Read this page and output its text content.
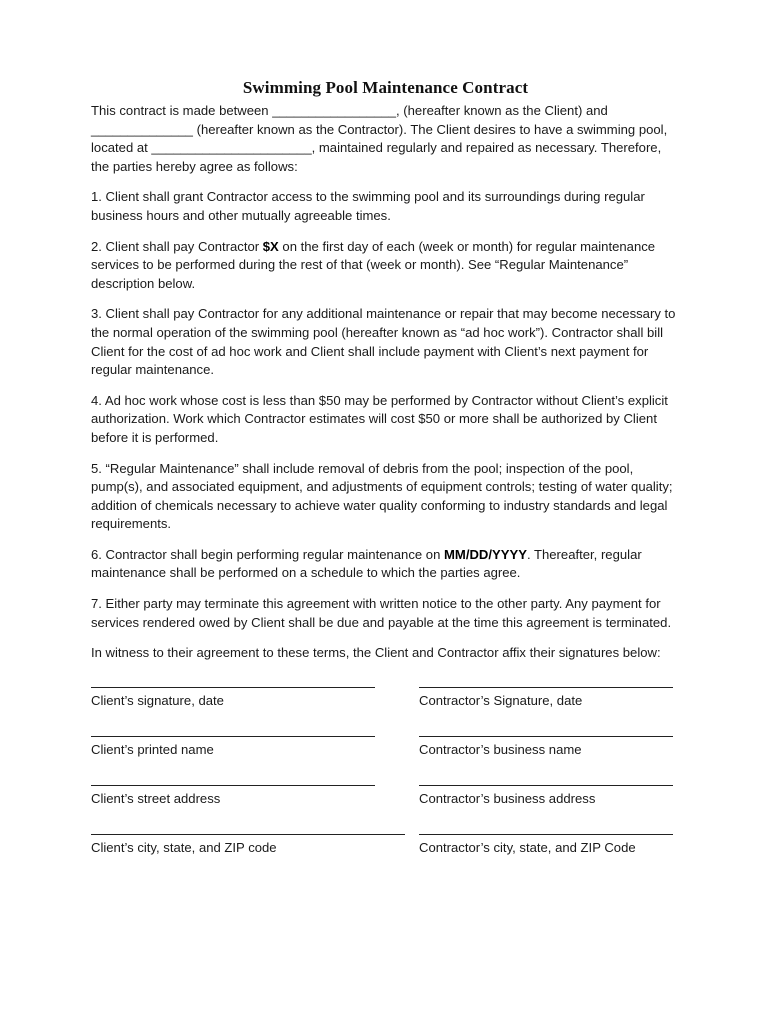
Swimming Pool Maintenance Contract

This contract is made between _________________, (hereafter known as the Client) and ______________ (hereafter known as the Contractor). The Client desires to have a swimming pool, located at ______________________, maintained regularly and repaired as necessary. Therefore, the parties hereby agree as follows:

1. Client shall grant Contractor access to the swimming pool and its surroundings during regular business hours and other mutually agreeable times.

2. Client shall pay Contractor $X on the first day of each (week or month) for regular maintenance services to be performed during the rest of that (week or month). See “Regular Maintenance” description below.

3. Client shall pay Contractor for any additional maintenance or repair that may become necessary to the normal operation of the swimming pool (hereafter known as “ad hoc work”). Contractor shall bill Client for the cost of ad hoc work and Client shall include payment with Client’s next payment for regular maintenance.

4. Ad hoc work whose cost is less than $50 may be performed by Contractor without Client’s explicit authorization. Work which Contractor estimates will cost $50 or more shall be authorized by Client before it is performed.

5. “Regular Maintenance” shall include removal of debris from the pool; inspection of the pool, pump(s), and associated equipment, and adjustments of equipment controls; testing of water quality; addition of chemicals necessary to achieve water quality conforming to industry standards and legal requirements.

6. Contractor shall begin performing regular maintenance on MM/DD/YYYY. Thereafter, regular maintenance shall be performed on a schedule to which the parties agree.

7. Either party may terminate this agreement with written notice to the other party. Any payment for services rendered owed by Client shall be due and payable at the time this agreement is terminated.

In witness to their agreement to these terms, the Client and Contractor affix their signatures below:

Client’s signature, date	Contractor’s Signature, date
Client’s printed name	Contractor’s business name
Client’s street address	Contractor’s business address
Client’s city, state, and ZIP code	Contractor’s city, state, and ZIP Code
